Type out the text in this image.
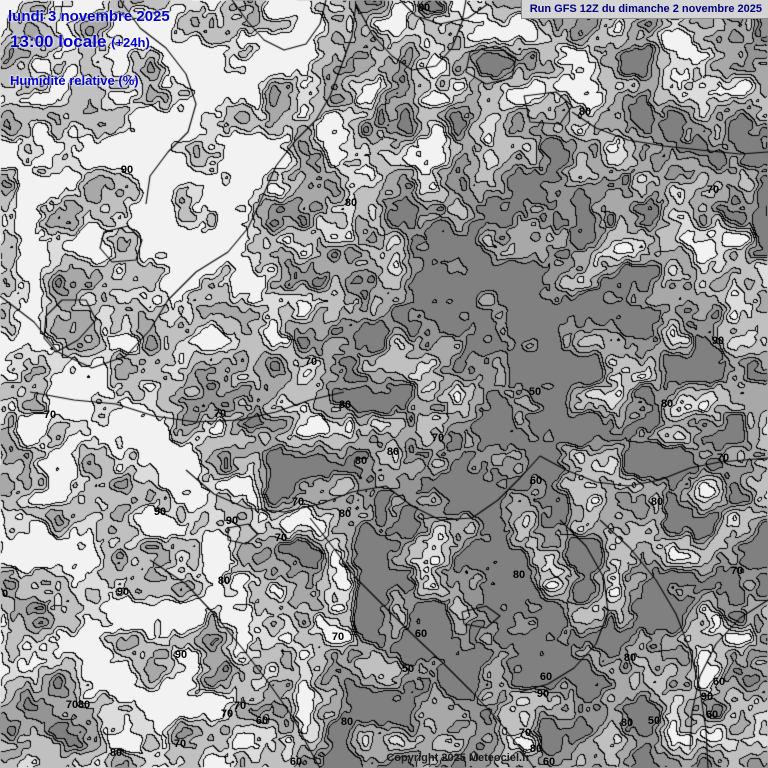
lundi 3 novembre 2025
13:00 locale (+24h)
Humidité relative (%)
Run GFS 12Z du dimanche 2 novembre 2025
Copyright 2025 Meteociel.fr
80
80
90
70
80
90
70
50
80
70	70
80
70
80
80	70
60
70	80
90	80
90
70
80	70
80
90
0
60
70
90
50
80
60
60
90
70
50	60
70
80
60
70 80
70
80
60
70
80
60
80
90
